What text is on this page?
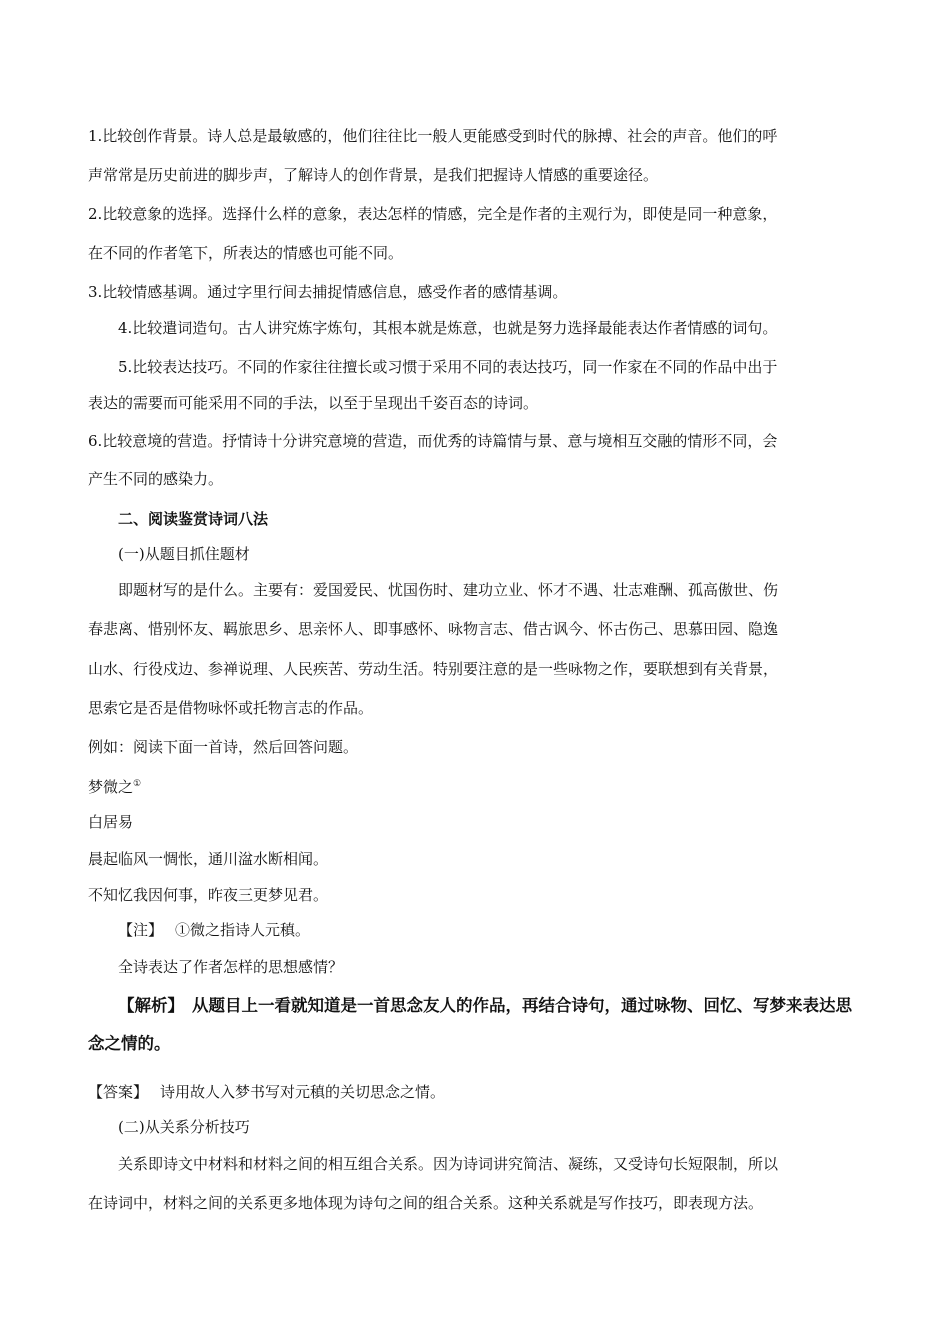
1.比较创作背景。诗人总是最敏感的，他们往往比一般人更能感受到时代的脉搏、社会的声音。他们的呼
声常常是历史前进的脚步声，了解诗人的创作背景，是我们把握诗人情感的重要途径。
2.比较意象的选择。选择什么样的意象，表达怎样的情感，完全是作者的主观行为，即使是同一种意象，
在不同的作者笔下，所表达的情感也可能不同。
3.比较情感基调。通过字里行间去捕捉情感信息，感受作者的感情基调。
4.比较遣词造句。古人讲究炼字炼句，其根本就是炼意，也就是努力选择最能表达作者情感的词句。
5.比较表达技巧。不同的作家往往擅长或习惯于采用不同的表达技巧，同一作家在不同的作品中出于
表达的需要而可能采用不同的手法，以至于呈现出千姿百态的诗词。
6.比较意境的营造。抒情诗十分讲究意境的营造，而优秀的诗篇情与景、意与境相互交融的情形不同，会
产生不同的感染力。
二、阅读鉴赏诗词八法
(一)从题目抓住题材
即题材写的是什么。主要有：爱国爱民、忧国伤时、建功立业、怀才不遇、壮志难酬、孤高傲世、伤
春悲离、惜别怀友、羁旅思乡、思亲怀人、即事感怀、咏物言志、借古讽今、怀古伤己、思慕田园、隐逸
山水、行役戍边、参禅说理、人民疾苦、劳动生活。特别要注意的是一些咏物之作，要联想到有关背景，
思索它是否是借物咏怀或托物言志的作品。
例如：阅读下面一首诗，然后回答问题。
梦微之①
白居易
晨起临风一惆怅，通川湓水断相闻。
不知忆我因何事，昨夜三更梦见君。
【注】 ①微之指诗人元稹。
全诗表达了作者怎样的思想感情？
【解析】 从题目上一看就知道是一首思念友人的作品，再结合诗句，通过咏物、回忆、写梦来表达思
念之情的。
【答案】 诗用故人入梦书写对元稹的关切思念之情。
(二)从关系分析技巧
关系即诗文中材料和材料之间的相互组合关系。因为诗词讲究简洁、凝练，又受诗句长短限制，所以
在诗词中，材料之间的关系更多地体现为诗句之间的组合关系。这种关系就是写作技巧，即表现方法。
